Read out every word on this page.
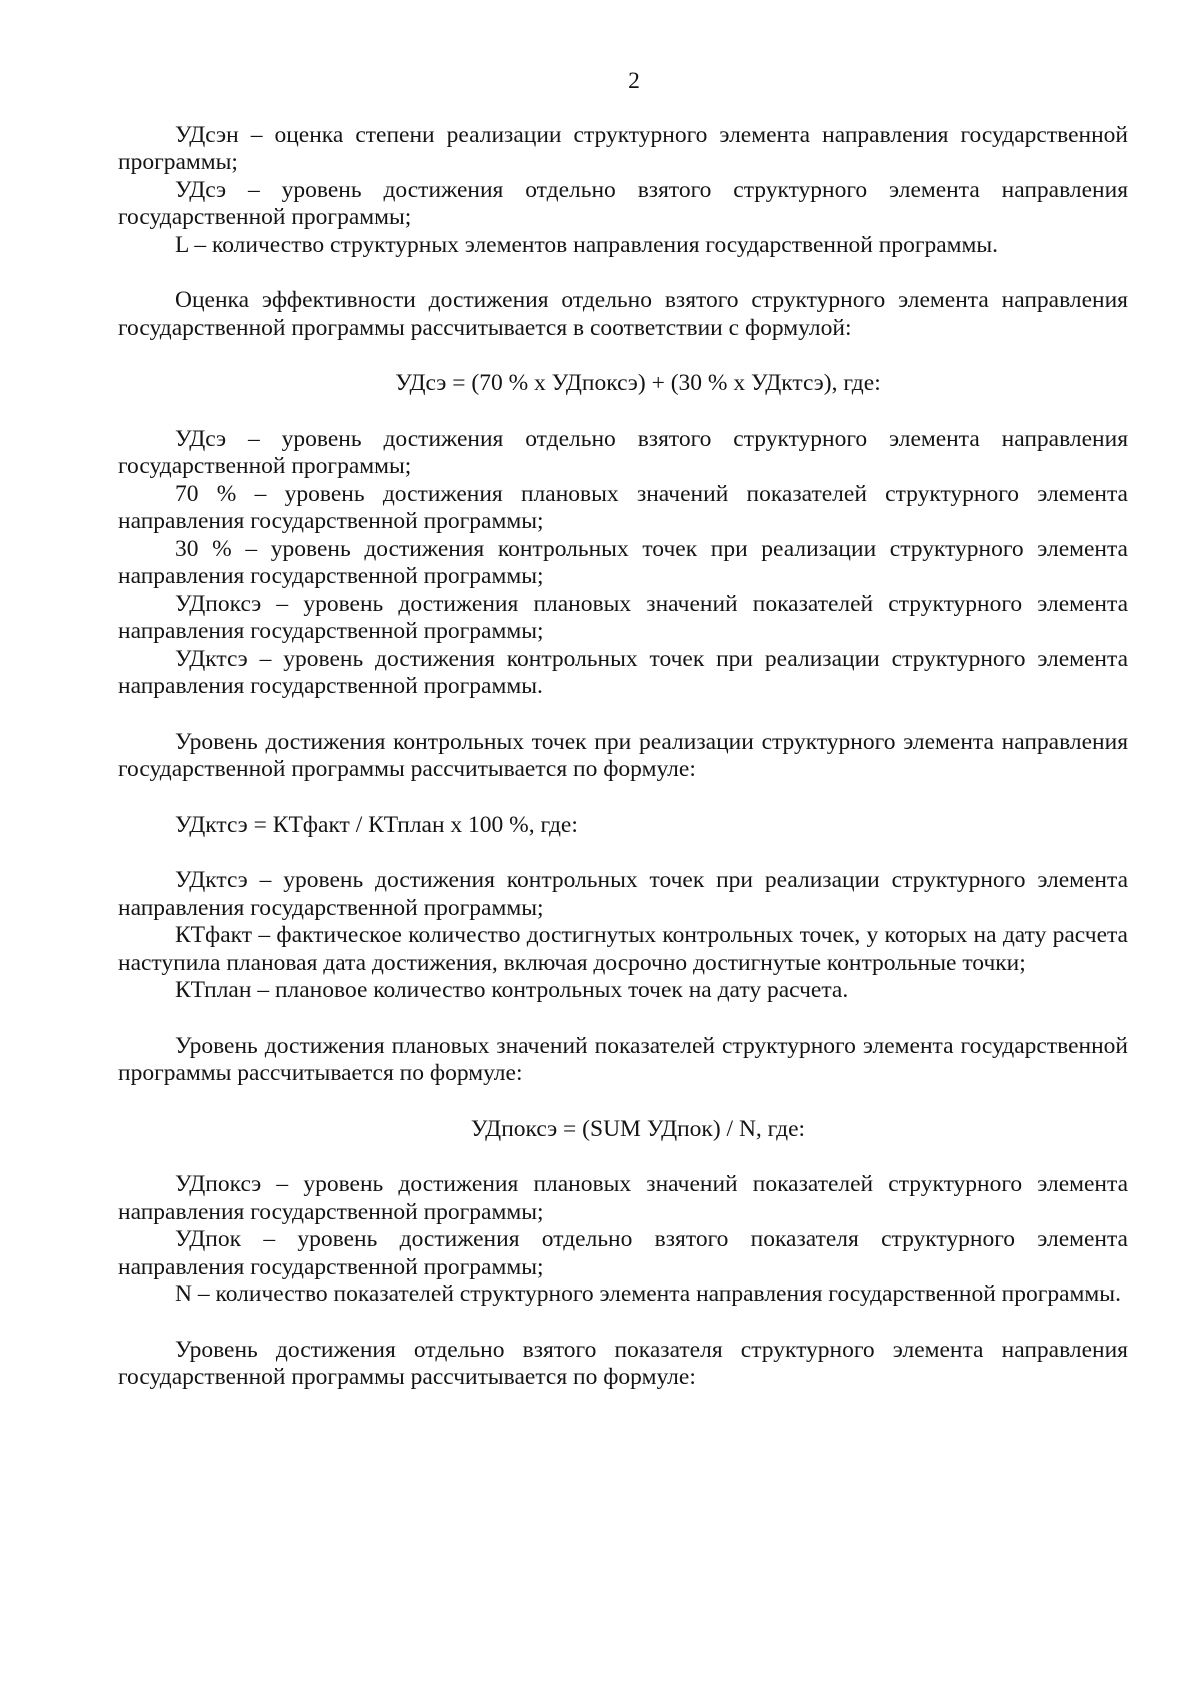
2

УДсэн – оценка степени реализации структурного элемента направления государственной программы;

УДсэ – уровень достижения отдельно взятого структурного элемента направления государственной программы;

L – количество структурных элементов направления государственной программы.

Оценка эффективности достижения отдельно взятого структурного элемента направления государственной программы рассчитывается в соответствии с формулой:

УДсэ = (70 % х УДпоксэ) + (30 % х УДктсэ), где:

УДсэ – уровень достижения отдельно взятого структурного элемента направления государственной программы;

70 % – уровень достижения плановых значений показателей структурного элемента направления государственной программы;

30 % – уровень достижения контрольных точек при реализации структурного элемента направления государственной программы;

УДпоксэ – уровень достижения плановых значений показателей структурного элемента направления государственной программы;

УДктсэ – уровень достижения контрольных точек при реализации структурного элемента направления государственной программы.

Уровень достижения контрольных точек при реализации структурного элемента направления государственной программы рассчитывается по формуле:

УДктсэ = КТфакт / КТплан х 100 %, где:

УДктсэ – уровень достижения контрольных точек при реализации структурного элемента направления государственной программы;

КТфакт – фактическое количество достигнутых контрольных точек, у которых на дату расчета наступила плановая дата достижения, включая досрочно достигнутые контрольные точки;

КТплан – плановое количество контрольных точек на дату расчета.

Уровень достижения плановых значений показателей структурного элемента государственной программы рассчитывается по формуле:

УДпоксэ = (SUM УДпок) / N, где:

УДпоксэ – уровень достижения плановых значений показателей структурного элемента направления государственной программы;

УДпок – уровень достижения отдельно взятого показателя структурного элемента направления государственной программы;

N – количество показателей структурного элемента направления государственной программы.

Уровень достижения отдельно взятого показателя структурного элемента направления государственной программы рассчитывается по формуле:
